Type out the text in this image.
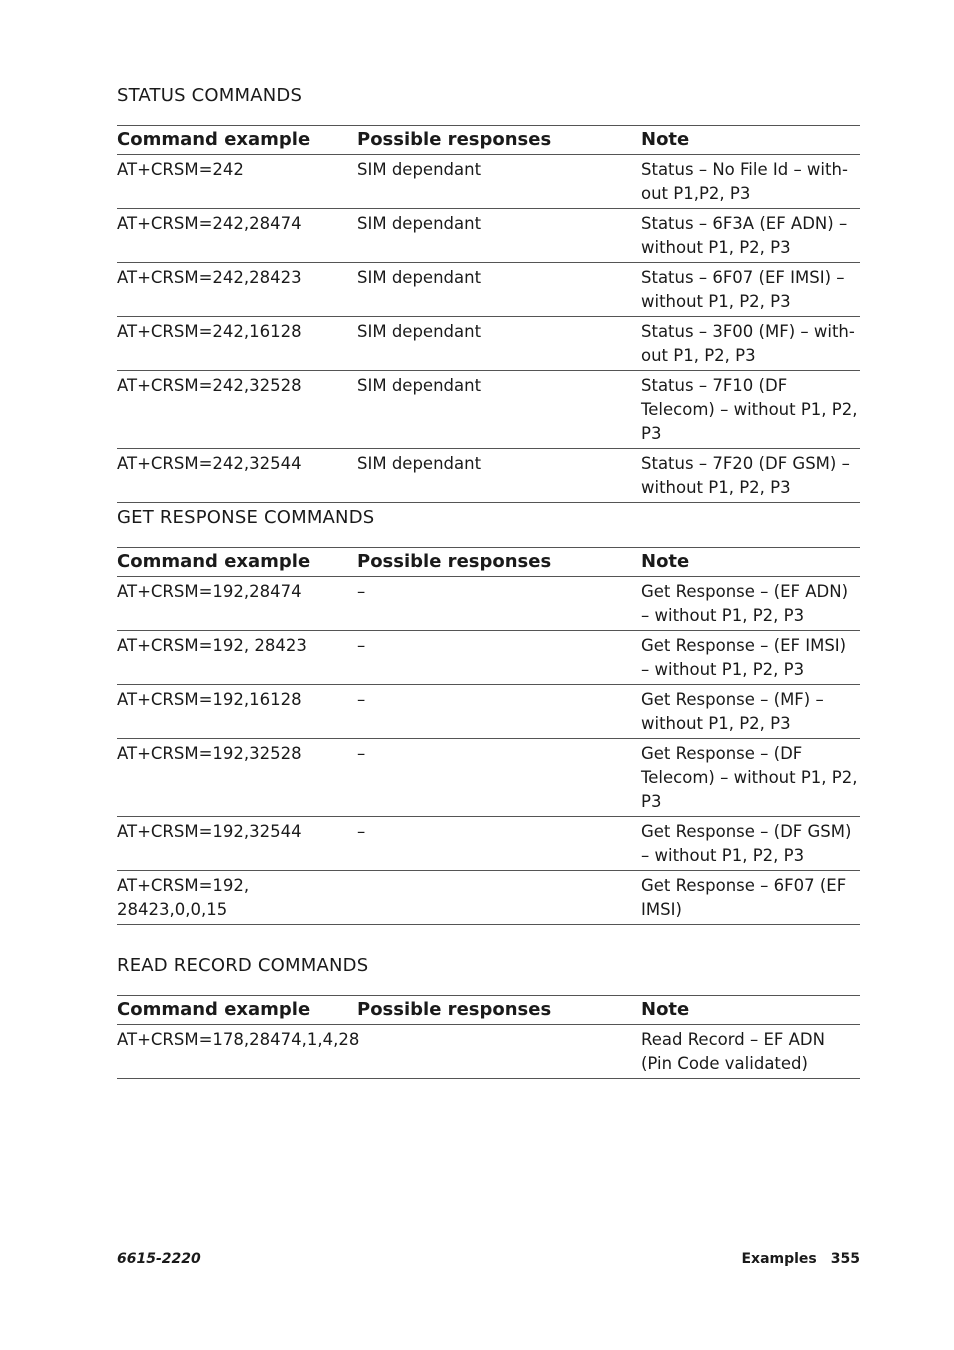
STATUS COMMANDS
Command example	Possible responses	Note
AT+CRSM=242	SIM dependant	Status – No File Id – with-out P1,P2, P3
AT+CRSM=242,28474	SIM dependant	Status – 6F3A (EF ADN) – without P1, P2, P3
AT+CRSM=242,28423	SIM dependant	Status – 6F07 (EF IMSI) – without P1, P2, P3
AT+CRSM=242,16128	SIM dependant	Status – 3F00 (MF) – with-out P1, P2, P3
AT+CRSM=242,32528	SIM dependant	Status – 7F10 (DF Telecom) – without P1, P2, P3
AT+CRSM=242,32544	SIM dependant	Status – 7F20 (DF GSM) – without P1, P2, P3
GET RESPONSE COMMANDS
Command example	Possible responses	Note
AT+CRSM=192,28474	–	Get Response – (EF ADN) – without P1, P2, P3
AT+CRSM=192, 28423	–	Get Response – (EF IMSI) – without P1, P2, P3
AT+CRSM=192,16128	–	Get Response – (MF) – without P1, P2, P3
AT+CRSM=192,32528	–	Get Response – (DF Telecom) – without P1, P2, P3
AT+CRSM=192,32544	–	Get Response – (DF GSM) – without P1, P2, P3
AT+CRSM=192, 28423,0,0,15		Get Response – 6F07 (EF IMSI)
READ RECORD COMMANDS
Command example	Possible responses	Note
AT+CRSM=178,28474,1,4,28		Read Record – EF ADN (Pin Code validated)
6615-2220	Examples 355
